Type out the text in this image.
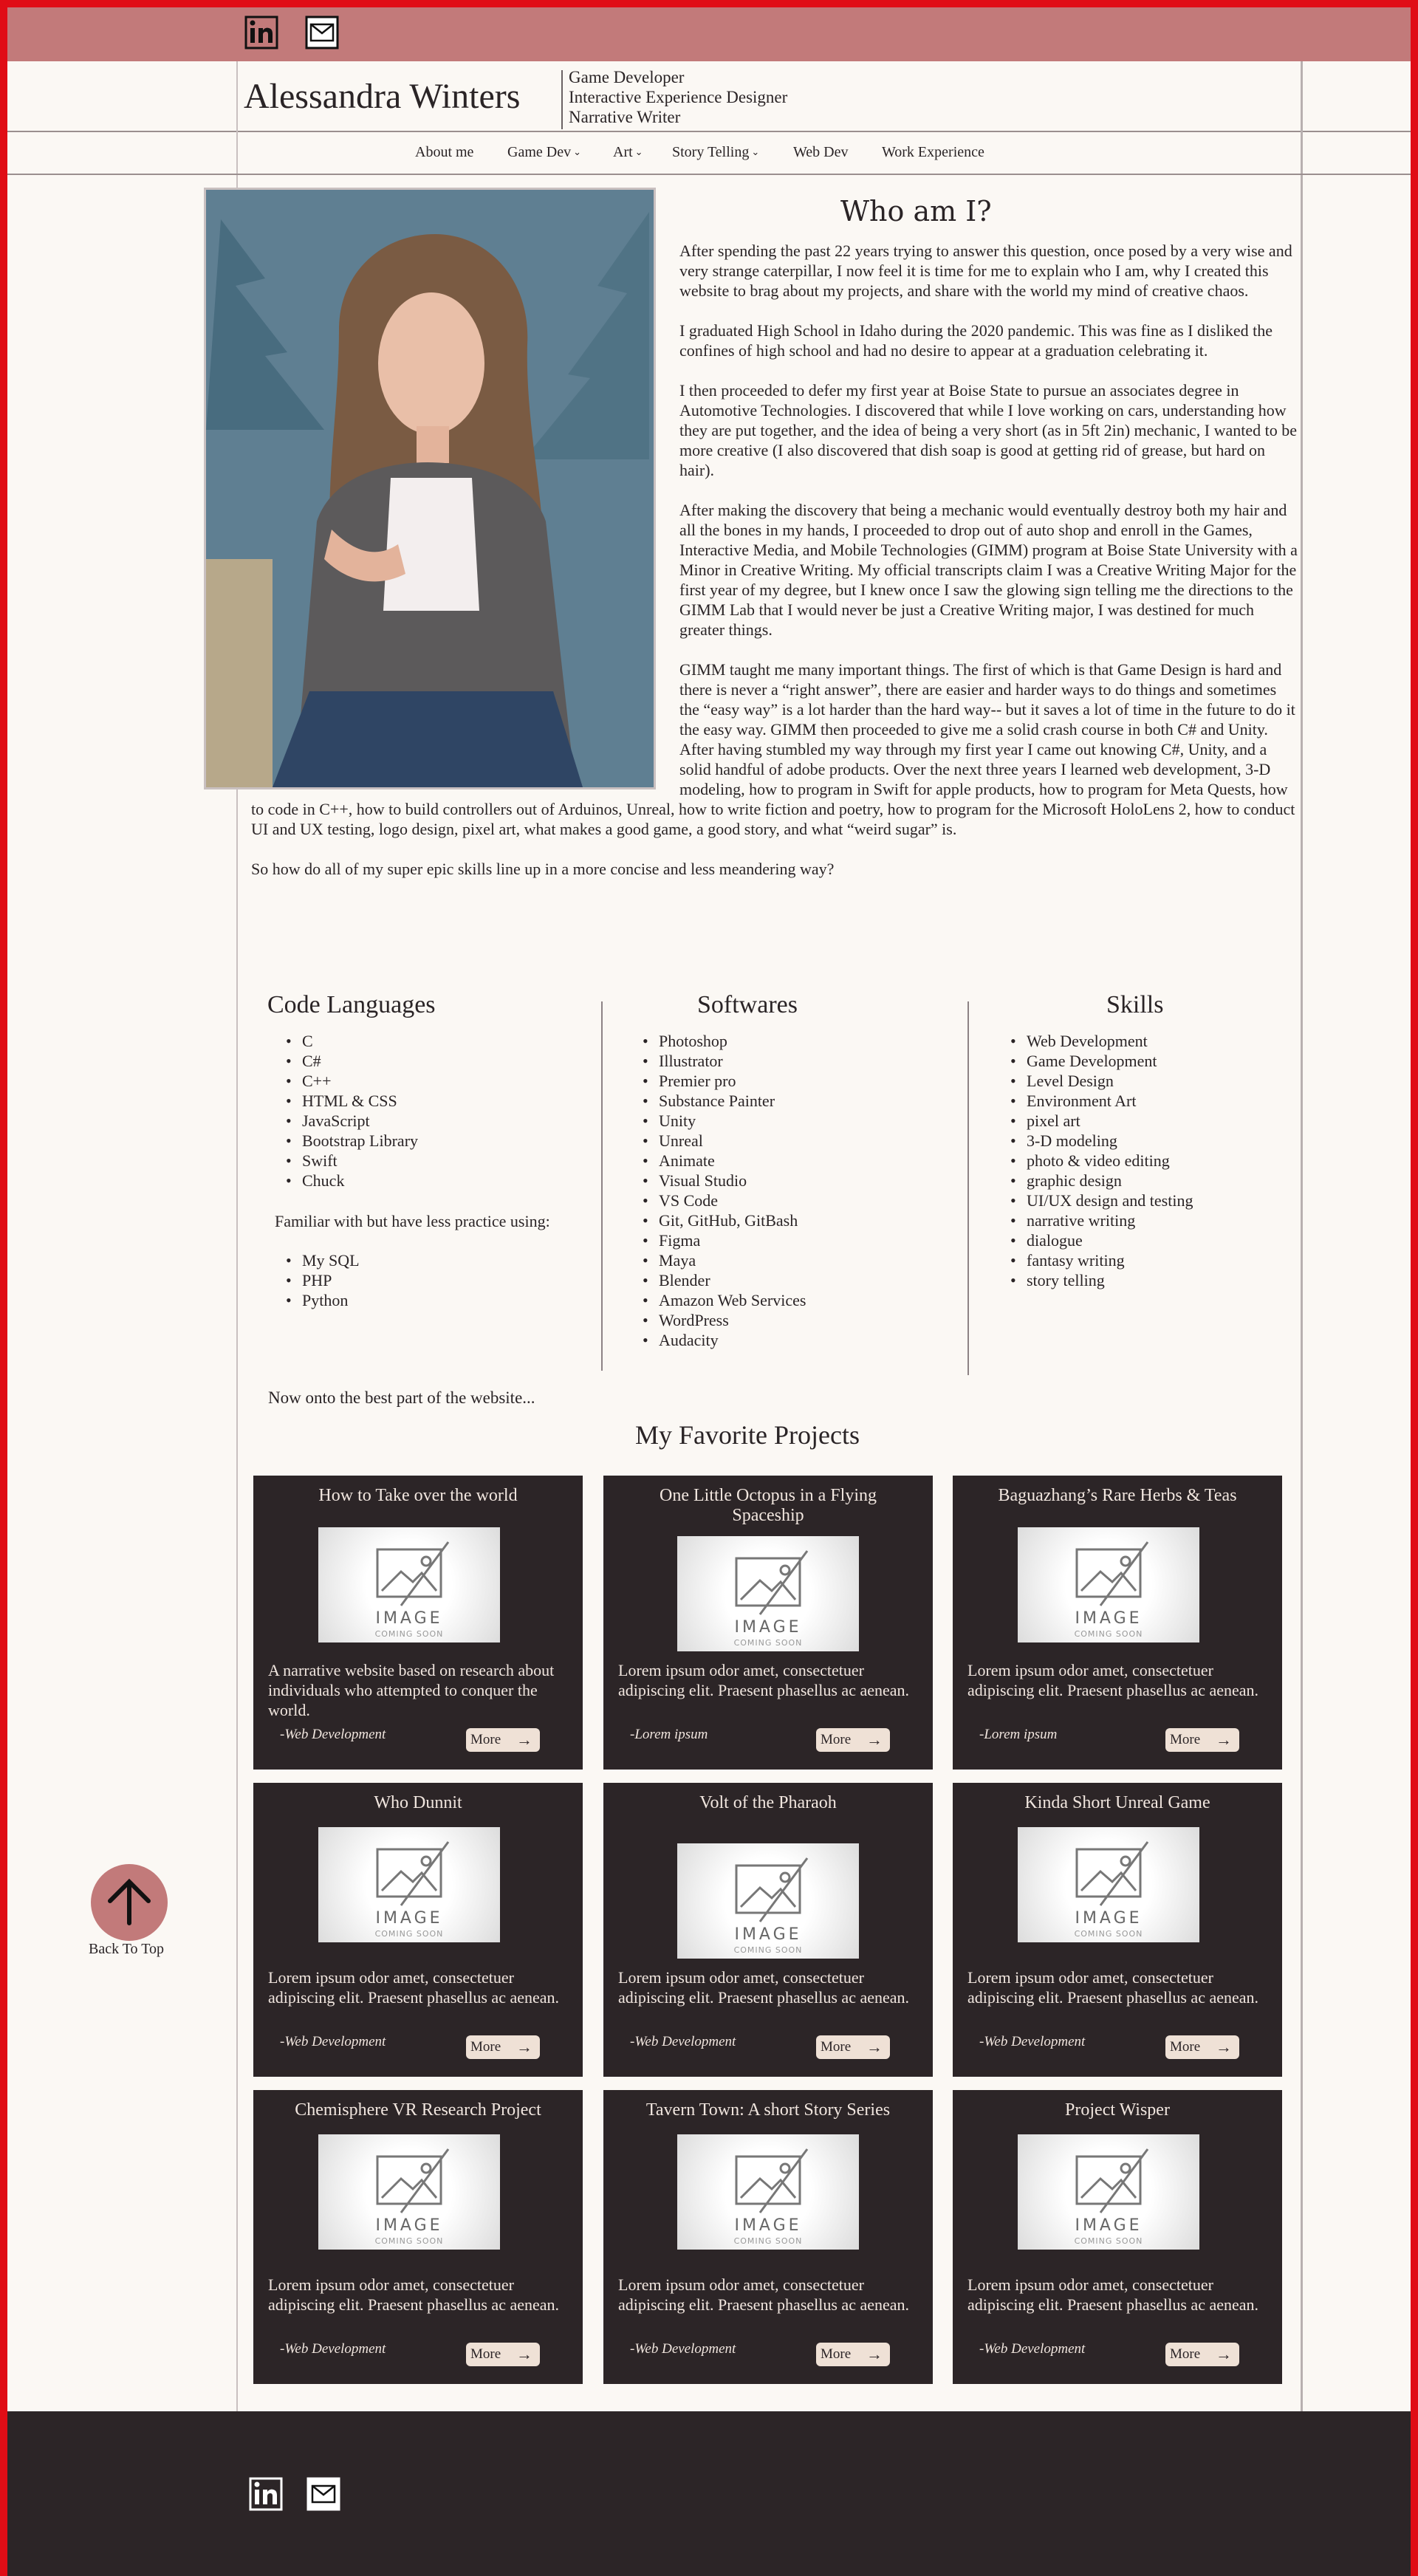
Alessandra Winters	Game Developer
Interactive Experience Designer
Narrative Writer
About me Game Dev ⌄ Art ⌄ Story Telling ⌄ Web Dev Work Experience
Who am I?

After spending the past 22 years trying to answer this question, once posed by a very wise and very strange caterpillar, I now feel it is time for me to explain who I am, why I created this website to brag about my projects, and share with the world my mind of creative chaos.

I graduated High School in Idaho during the 2020 pandemic. This was fine as I disliked the confines of high school and had no desire to appear at a graduation celebrating it.

I then proceeded to defer my first year at Boise State to pursue an associates degree in Automotive Technologies. I discovered that while I love working on cars, understanding how they are put together, and the idea of being a very short (as in 5ft 2in) mechanic, I wanted to be more creative (I also discovered that dish soap is good at getting rid of grease, but hard on hair).

After making the discovery that being a mechanic would eventually destroy both my hair and all the bones in my hands, I proceeded to drop out of auto shop and enroll in the Games, Interactive Media, and Mobile Technologies (GIMM) program at Boise State University with a Minor in Creative Writing. My official transcripts claim I was a Creative Writing Major for the first year of my degree, but I knew once I saw the glowing sign telling me the directions to the GIMM Lab that I would never be just a Creative Writing major, I was destined for much greater things.

GIMM taught me many important things. The first of which is that Game Design is hard and there is never a “right answer”, there are easier and harder ways to do things and sometimes the “easy way” is a lot harder than the hard way-- but it saves a lot of time in the future to do it the easy way. GIMM then proceeded to give me a solid crash course in both C# and Unity. After having stumbled my way through my first year I came out knowing C#, Unity, and a solid handful of adobe products. Over the next three years I learned web development, 3-D modeling, how to program in Swift for apple products, how to program for Meta Quests, how to code in C++, how to build controllers out of Arduinos, Unreal, how to write fiction and poetry, how to program for the Microsoft HoloLens 2, how to conduct UI and UX testing, logo design, pixel art, what makes a good game, a good story, and what “weird sugar” is.

So how do all of my super epic skills line up in a more concise and less meandering way?

Code Languages
• C
• C#
• C++
• HTML & CSS
• JavaScript
• Bootstrap Library
• Swift
• Chuck
Familiar with but have less practice using:
• My SQL
• PHP
• Python
Softwares
• Photoshop
• Illustrator
• Premier pro
• Substance Painter
• Unity
• Unreal
• Animate
• Visual Studio
• VS Code
• Git, GitHub, GitBash
• Figma
• Maya
• Blender
• Amazon Web Services
• WordPress
• Audacity
Skills
• Web Development
• Game Development
• Level Design
• Environment Art
• pixel art
• 3-D modeling
• photo & video editing
• graphic design
• UI/UX design and testing
• narrative writing
• dialogue
• fantasy writing
• story telling
Now onto the best part of the website...
My Favorite Projects
How to Take over the world
IMAGE
COMING SOON
A narrative website based on research about individuals who attempted to conquer the world.
-Web Development	More →
One Little Octopus in a Flying Spaceship
IMAGE
COMING SOON
Lorem ipsum odor amet, consectetuer adipiscing elit. Praesent phasellus ac aenean.
-Lorem ipsum	More →
Baguazhang’s Rare Herbs & Teas
IMAGE
COMING SOON
Lorem ipsum odor amet, consectetuer adipiscing elit. Praesent phasellus ac aenean.
-Lorem ipsum	More →
Who Dunnit
IMAGE
COMING SOON
Lorem ipsum odor amet, consectetuer adipiscing elit. Praesent phasellus ac aenean.
-Web Development	More →
Volt of the Pharaoh
IMAGE
COMING SOON
Lorem ipsum odor amet, consectetuer adipiscing elit. Praesent phasellus ac aenean.
-Web Development	More →
Kinda Short Unreal Game
IMAGE
COMING SOON
Lorem ipsum odor amet, consectetuer adipiscing elit. Praesent phasellus ac aenean.
-Web Development	More →
Chemisphere VR Research Project
IMAGE
COMING SOON
Lorem ipsum odor amet, consectetuer adipiscing elit. Praesent phasellus ac aenean.
-Web Development	More →
Tavern Town: A short Story Series
IMAGE
COMING SOON
Lorem ipsum odor amet, consectetuer adipiscing elit. Praesent phasellus ac aenean.
-Web Development	More →
Project Wisper
IMAGE
COMING SOON
Lorem ipsum odor amet, consectetuer adipiscing elit. Praesent phasellus ac aenean.
-Web Development	More →
Back To Top
